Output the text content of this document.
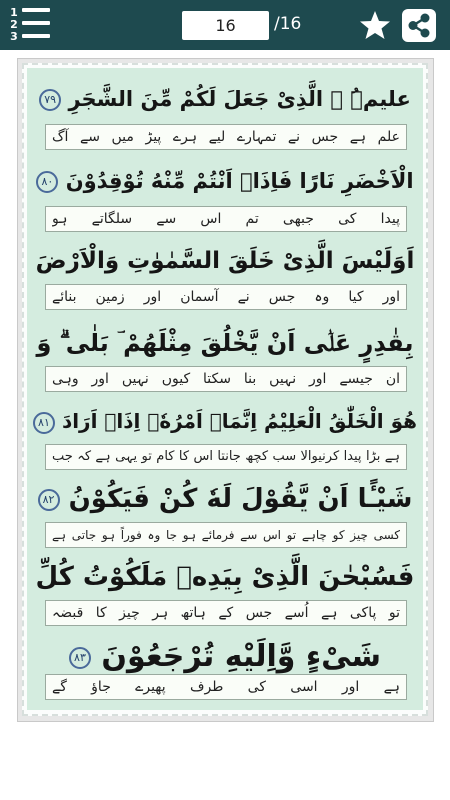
1
2
3
16
/16
عليمُۨ ۙ الَّذِیْ جَعَلَ لَكُمْ مِّنَ الشَّجَرِ ۷۹
علم ہے جس نے تمہارے لیے ہرے پیڑ میں سے آگ
الْاَخْضَرِ نَارًا فَاِذَاۤ اَنْتُمْ مِّنْهُ تُوْقِدُوْنَ ۸۰
پیدا کی جبھی تم اس سے سلگاتے ہو
اَوَلَیْسَ الَّذِیْ خَلَقَ السَّمٰوٰتِ وَالْاَرْضَ
اور کیا وہ جس نے آسمان اور زمین بنائے
بِقٰدِرٍ عَلٰۤى اَنْ یَّخْلُقَ مِثْلَهُمْ ؔ بَلٰى ۗ وَ
ان جیسے اور نہیں بنا سکتا کیوں نہیں اور وہی
هُوَ الْخَلّٰقُ الْعَلِیْمُ اِنَّمَاۤ اَمْرُهٗۤ اِذَاۤ اَرَادَ ۸۱
ہے بڑا پیدا کرنیوالا سب کچھ جانتا اس کا کام تو یہی ہے کہ جب
شَیْـًٔا اَنْ یَّقُوْلَ لَهٗ كُنْ فَیَكُوْنُ ۸۲
کسی چیز کو چاہے تو اس سے فرمائے ہو جا وہ فوراً ہو جاتی ہے
فَسُبْحٰنَ الَّذِیْ بِیَدِهٖ مَلَكُوْتُ كُلِّ
تو پاکی ہے اُسے جس کے ہاتھ ہر چیز کا قبضہ
شَیْءٍ وَّاِلَیْهِ تُرْجَعُوْنَ ۸۳
ہے اور اسی کی طرف پھیرے جاؤ گے
